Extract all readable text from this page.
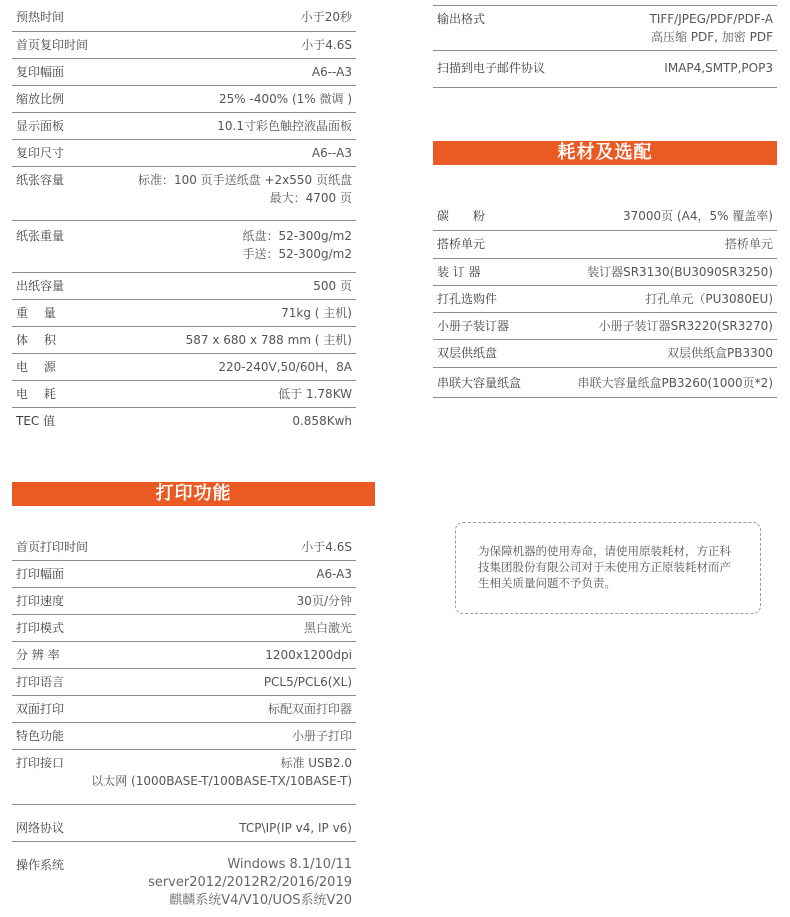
预热时间	小于20秒
首页复印时间	小于4.6S
复印幅面	A6--A3
缩放比例	25% -400% (1% 微调 )
显示面板	10.1寸彩色触控液晶面板
复印尺寸	A6--A3
纸张容量	标准：100 页手送纸盘 +2x550 页纸盘
最大：4700 页
纸张重量	纸盘：52-300g/m2
手送：52-300g/m2
出纸容量	500 页
重　 量	71kg ( 主机)
体　 积	587 x 680 x 788 mm ( 主机)
电　 源	220-240V,50/60H，8A
电　 耗	低于 1.78KW
TEC 值	0.858Kwh
打印功能
首页打印时间	小于4.6S
打印幅面	A6-A3
打印速度	30页/分钟
打印模式	黑白激光
分 辨 率	1200x1200dpi
打印语言	PCL5/PCL6(XL)
双面打印	标配双面打印器
特色功能	小册子打印
打印接口	标准 USB2.0
以太网 (1000BASE-T/100BASE-TX/10BASE-T)
网络协议	TCP\IP(IP v4, IP v6)
操作系统	Windows 8.1/10/11
server2012/2012R2/2016/2019
麒麟系统V4/V10/UOS系统V20
输出格式	TIFF/JPEG/PDF/PDF-A
高压缩 PDF, 加密 PDF
扫描到电子邮件协议	IMAP4,SMTP,POP3
耗材及选配
碳　　粉	37000页 (A4，5% 覆盖率)
搭桥单元	搭桥单元
装 订 器	装订器SR3130(BU3090SR3250)
打孔选购件	打孔单元（PU3080EU)
小册子装订器	小册子装订器SR3220(SR3270)
双层供纸盘	双层供纸盒PB3300
串联大容量纸盒	串联大容量纸盒PB3260(1000页*2)
为保障机器的使用寿命，请使用原装耗材，方正科技集团股份有限公司对于未使用方正原装耗材而产生相关质量问题不予负责。
